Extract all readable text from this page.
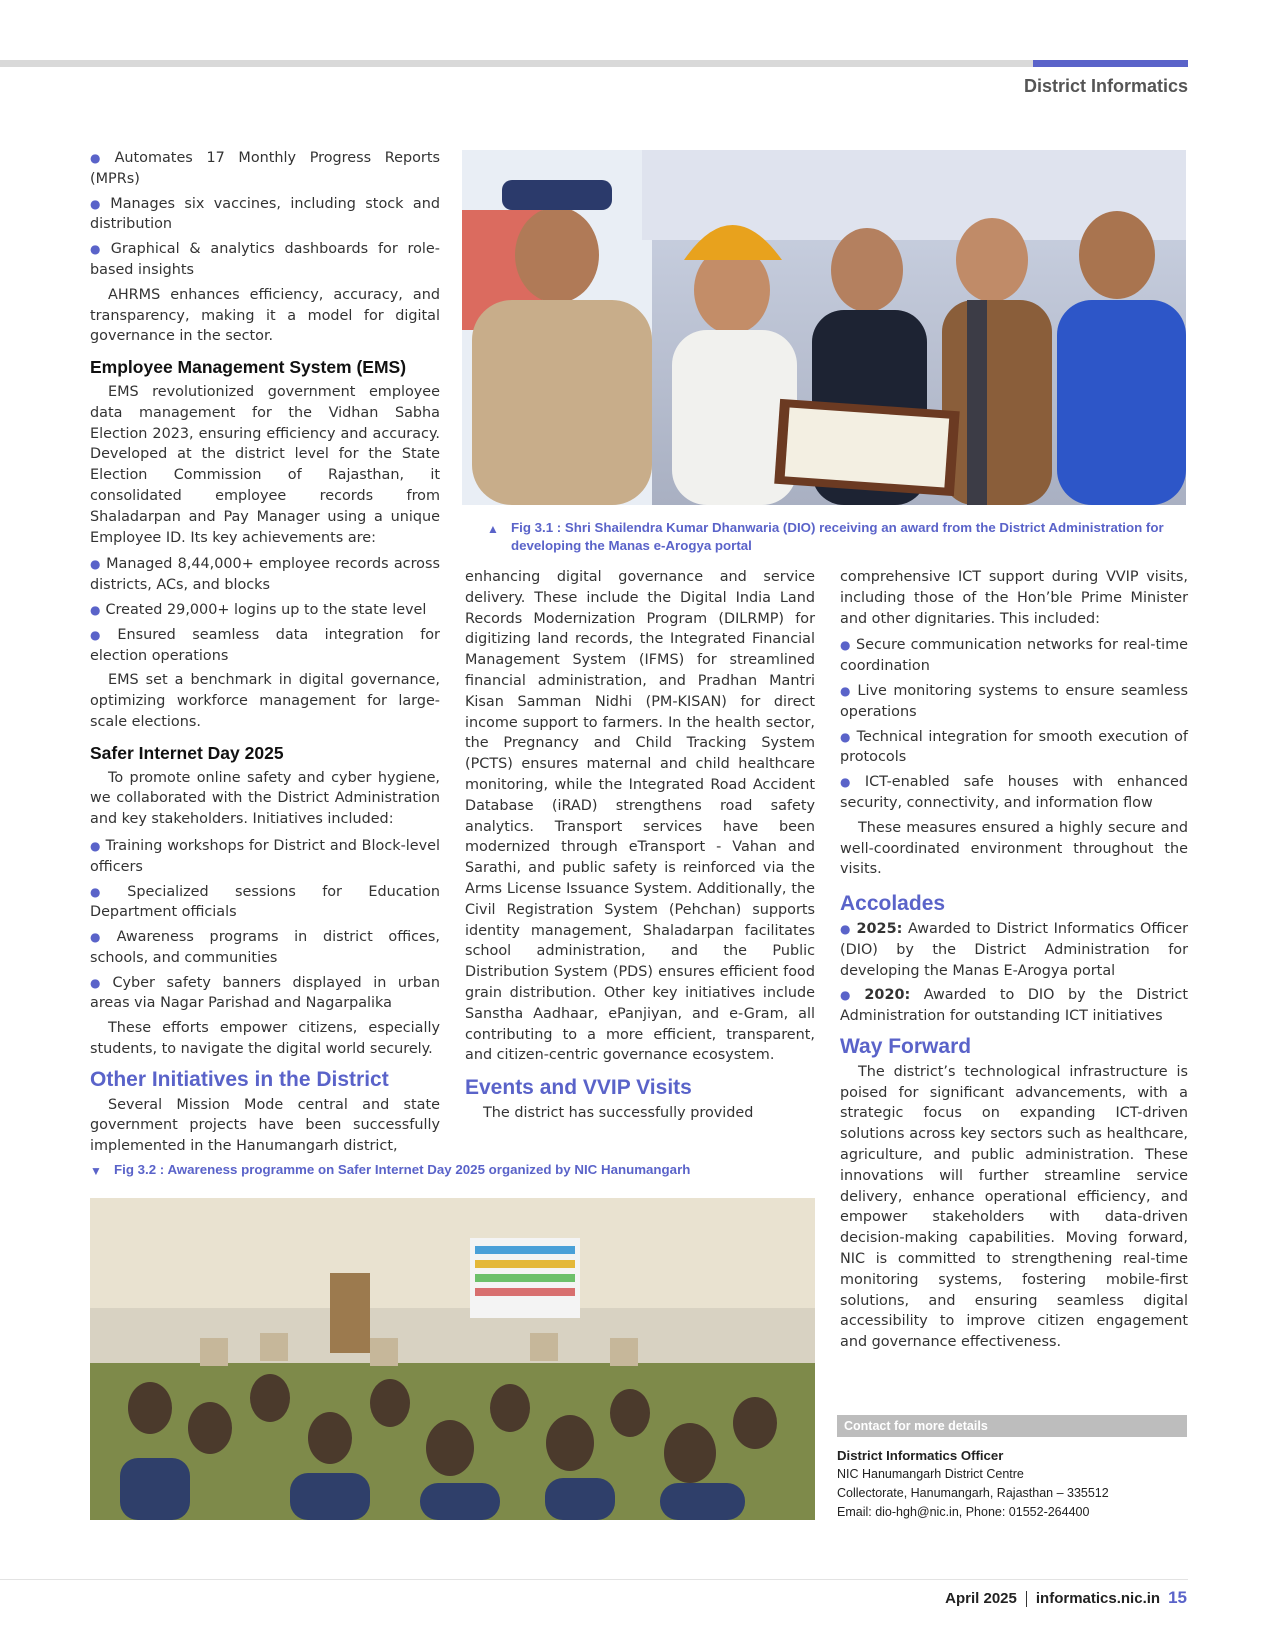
District Informatics
● Automates 17 Monthly Progress Reports (MPRs)
● Manages six vaccines, including stock and distribution
● Graphical & analytics dashboards for role-based insights

AHRMS enhances efficiency, accuracy, and transparency, making it a model for digital governance in the sector.

Employee Management System (EMS)

EMS revolutionized government employee data management for the Vidhan Sabha Election 2023, ensuring efficiency and accuracy. Developed at the district level for the State Election Commission of Rajasthan, it consolidated employee records from Shaladarpan and Pay Manager using a unique Employee ID. Its key achievements are:

● Managed 8,44,000+ employee records across districts, ACs, and blocks
● Created 29,000+ logins up to the state level
● Ensured seamless data integration for election operations

EMS set a benchmark in digital governance, optimizing workforce management for large-scale elections.

Safer Internet Day 2025

To promote online safety and cyber hygiene, we collaborated with the District Administration and key stakeholders. Initiatives included:

● Training workshops for District and Block-level officers
● Specialized sessions for Education Department officials
● Awareness programs in district offices, schools, and communities
● Cyber safety banners displayed in urban areas via Nagar Parishad and Nagarpalika

These efforts empower citizens, especially students, to navigate the digital world securely.

Other Initiatives in the District

Several Mission Mode central and state government projects have been successfully implemented in the Hanumangarh district,

▲ Fig 3.1 : Shri Shailendra Kumar Dhanwaria (DIO) receiving an award from the District Administration for developing the Manas e-Arogya portal

enhancing digital governance and service delivery. These include the Digital India Land Records Modernization Program (DILRMP) for digitizing land records, the Integrated Financial Management System (IFMS) for streamlined financial administration, and Pradhan Mantri Kisan Samman Nidhi (PM-KISAN) for direct income support to farmers. In the health sector, the Pregnancy and Child Tracking System (PCTS) ensures maternal and child healthcare monitoring, while the Integrated Road Accident Database (iRAD) strengthens road safety analytics. Transport services have been modernized through eTransport - Vahan and Sarathi, and public safety is reinforced via the Arms License Issuance System. Additionally, the Civil Registration System (Pehchan) supports identity management, Shaladarpan facilitates school administration, and the Public Distribution System (PDS) ensures efficient food grain distribution. Other key initiatives include Sanstha Aadhaar, ePanjiyan, and e-Gram, all contributing to a more efficient, transparent, and citizen-centric governance ecosystem.

Events and VVIP Visits

The district has successfully provided

comprehensive ICT support during VVIP visits, including those of the Hon’ble Prime Minister and other dignitaries. This included:

● Secure communication networks for real-time coordination
● Live monitoring systems to ensure seamless operations
● Technical integration for smooth execution of protocols
● ICT-enabled safe houses with enhanced security, connectivity, and information flow

These measures ensured a highly secure and well-coordinated environment throughout the visits.

Accolades
● 2025: Awarded to District Informatics Officer (DIO) by the District Administration for developing the Manas E-Arogya portal
● 2020: Awarded to DIO by the District Administration for outstanding ICT initiatives
Way Forward

The district’s technological infrastructure is poised for significant advancements, with a strategic focus on expanding ICT-driven solutions across key sectors such as healthcare, agriculture, and public administration. These innovations will further streamline service delivery, enhance operational efficiency, and empower stakeholders with data-driven decision-making capabilities. Moving forward, NIC is committed to strengthening real-time monitoring systems, fostering mobile-first solutions, and ensuring seamless digital accessibility to improve citizen engagement and governance effectiveness.

▼ Fig 3.2 : Awareness programme on Safer Internet Day 2025 organized by NIC Hanumangarh
Contact for more details
District Informatics Officer
NIC Hanumangarh District Centre
Collectorate, Hanumangarh, Rajasthan – 335512
Email: dio-hgh@nic.in, Phone: 01552-264400
April 2025 informatics.nic.in 15
